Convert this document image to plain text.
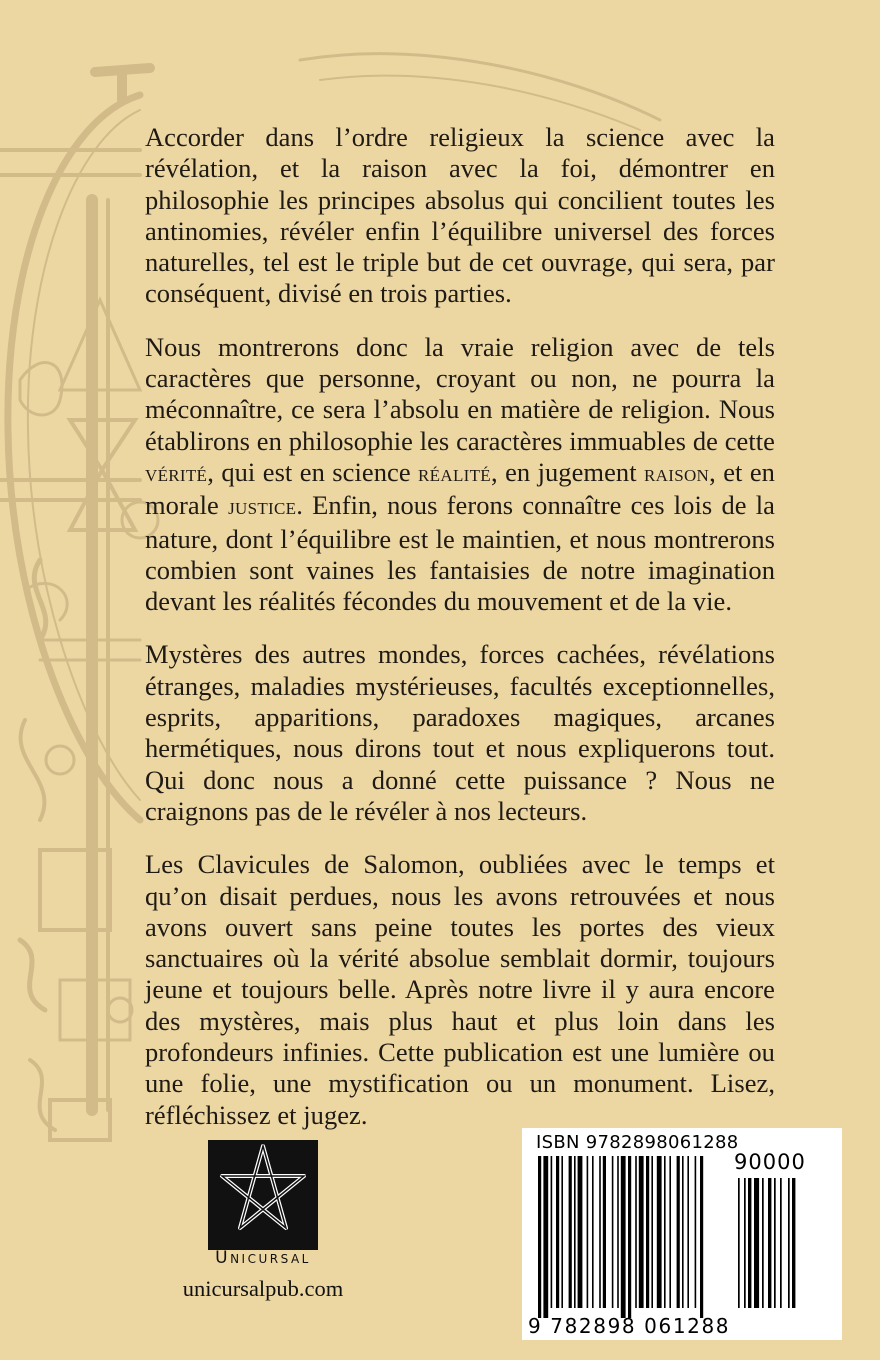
Accorder dans l’ordre religieux la science avec la révélation, et la raison avec la foi, démontrer en philosophie les principes absolus qui concilient toutes les antinomies, révéler enfin l’équilibre universel des forces naturelles, tel est le triple but de cet ouvrage, qui sera, par conséquent, divisé en trois parties.

Nous montrerons donc la vraie religion avec de tels caractères que personne, croyant ou non, ne pourra la méconnaître, ce sera l’absolu en matière de religion. Nous établirons en philosophie les caractères immuables de cette vérité, qui est en science réalité, en jugement raison, et en morale justice. Enfin, nous ferons connaître ces lois de la nature, dont l’équilibre est le maintien, et nous montrerons combien sont vaines les fantaisies de notre imagination devant les réalités fécondes du mouvement et de la vie.

Mystères des autres mondes, forces cachées, révélations étranges, maladies mystérieuses, facultés exceptionnelles, esprits, apparitions, paradoxes magiques, arcanes hermétiques, nous dirons tout et nous expliquerons tout. Qui donc nous a donné cette puissance ? Nous ne craignons pas de le révéler à nos lecteurs.

Les Clavicules de Salomon, oubliées avec le temps et qu’on disait perdues, nous les avons retrouvées et nous avons ouvert sans peine toutes les portes des vieux sanctuaires où la vérité absolue semblait dormir, toujours jeune et toujours belle. Après notre livre il y aura encore des mystères, mais plus haut et plus loin dans les profondeurs infinies. Cette publication est une lumière ou une folie, une mystification ou un monument. Lisez, réfléchissez et jugez.

Unicursal
unicursalpub.com
ISBN 9782898061288
90000
9 782898 061288
